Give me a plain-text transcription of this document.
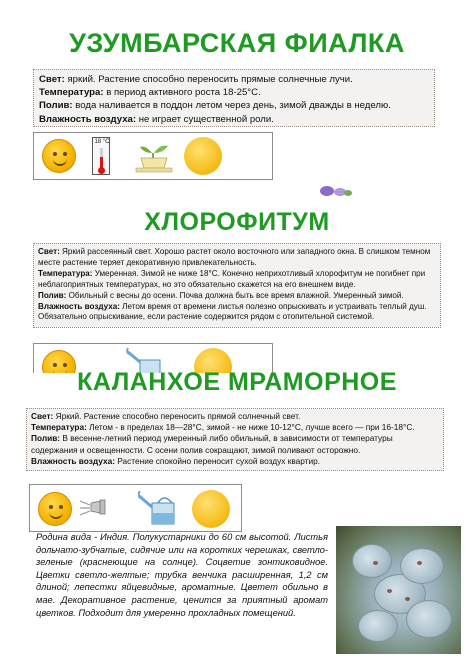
УЗУМБАРСКАЯ ФИАЛКА

Свет: яркий. Растение способно переносить прямые солнечные лучи.

Температура: в период активного роста 18-25°С.

Полив: вода наливается в поддон летом через день, зимой дважды в неделю.

Влажность воздуха: не играет существенной роли.

18 °C
ХЛОРОФИТУМ

Свет: Яркий рассеянный свет. Хорошо растет около восточного или западного окна. В слишком темном месте растение теряет декоративную привлекательность.

Температура: Умеренная. Зимой не ниже 18°С. Конечно неприхотливый хлорофитум не погибнет при неблагоприятных температурах, но это обязательно скажется на его внешнем виде.

Полив: Обильный с весны до осени. Почва должна быть все время влажной. Умеренный зимой.

Влажность воздуха: Летом время от времени листья полезно опрыскивать и устраивать теплый душ. Обязательно опрыскивание, если растение содержится рядом с отопительной системой.

КАЛАНХОЕ МРАМОРНОЕ

Свет: Яркий. Растение способно переносить прямой солнечный свет.

Температура: Летом - в пределах 18—28°С, зимой - не ниже 10-12°С, лучше всего — при 16-18°С.

Полив: В весенне-летний период умеренный либо обильный, в зависимости от температуры содержания и освещенности. С осени полив сокращают, зимой поливают осторожно.

Влажность воздуха: Растение спокойно переносит сухой воздух квартир.

Родина вида - Индия. Полукустарники до 60 см высотой. Листья дольчато-зубчатые, сидячие или на коротких черешках, светло-зеленые (краснеющие на солнце). Соцветие зонтиковидное. Цветки светло-желтые; трубка венчика расширенная, 1,2 см длиной; лепестки яйцевидные, ароматные. Цветет обильно в мае. Декоративное растение, ценится за приятный аромат цветков. Подходит для умеренно прохладных помещений.
